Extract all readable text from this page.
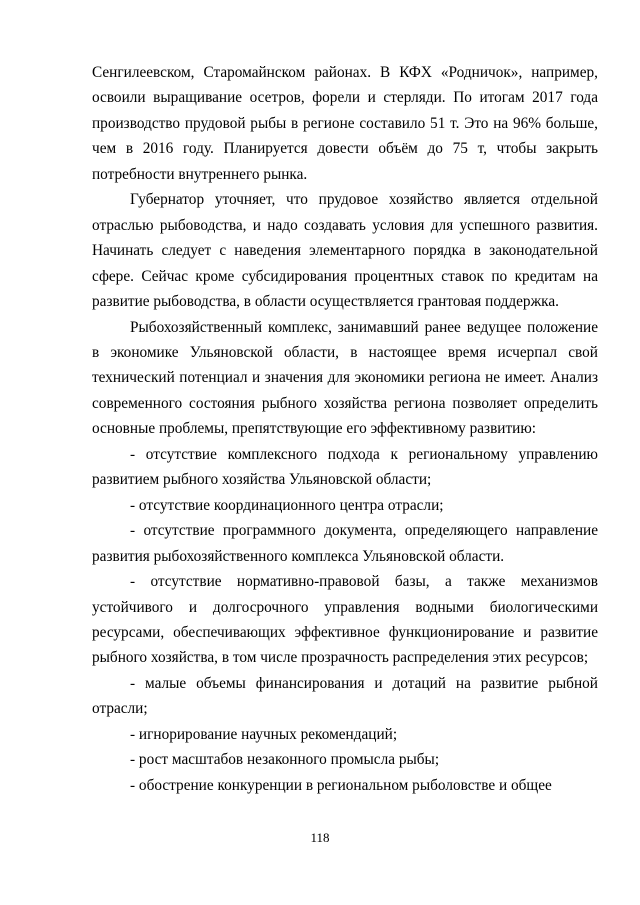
Сенгилеевском, Старомайнском районах. В КФХ «Родничок», например, освоили выращивание осетров, форели и стерляди. По итогам 2017 года производство прудовой рыбы в регионе составило 51 т. Это на 96% больше, чем в 2016 году. Планируется довести объём до 75 т, чтобы закрыть потребности внутреннего рынка.

Губернатор уточняет, что прудовое хозяйство является отдельной отраслью рыбоводства, и надо создавать условия для успешного развития. Начинать следует с наведения элементарного порядка в законодательной сфере. Сейчас кроме субсидирования процентных ставок по кредитам на развитие рыбоводства, в области осуществляется грантовая поддержка.

Рыбохозяйственный комплекс, занимавший ранее ведущее положение в экономике Ульяновской области, в настоящее время исчерпал свой технический потенциал и значения для экономики региона не имеет. Анализ современного состояния рыбного хозяйства региона позволяет определить основные проблемы, препятствующие его эффективному развитию:

- отсутствие комплексного подхода к региональному управлению развитием рыбного хозяйства Ульяновской области;

- отсутствие координационного центра отрасли;

- отсутствие программного документа, определяющего направление развития рыбохозяйственного комплекса Ульяновской области.

- отсутствие нормативно-правовой базы, а также механизмов устойчивого и долгосрочного управления водными биологическими ресурсами, обеспечивающих эффективное функционирование и развитие рыбного хозяйства, в том числе прозрачность распределения этих ресурсов;

- малые объемы финансирования и дотаций на развитие рыбной отрасли;

- игнорирование научных рекомендаций;

- рост масштабов незаконного промысла рыбы;

- обострение конкуренции в региональном рыболовстве и общее

118
